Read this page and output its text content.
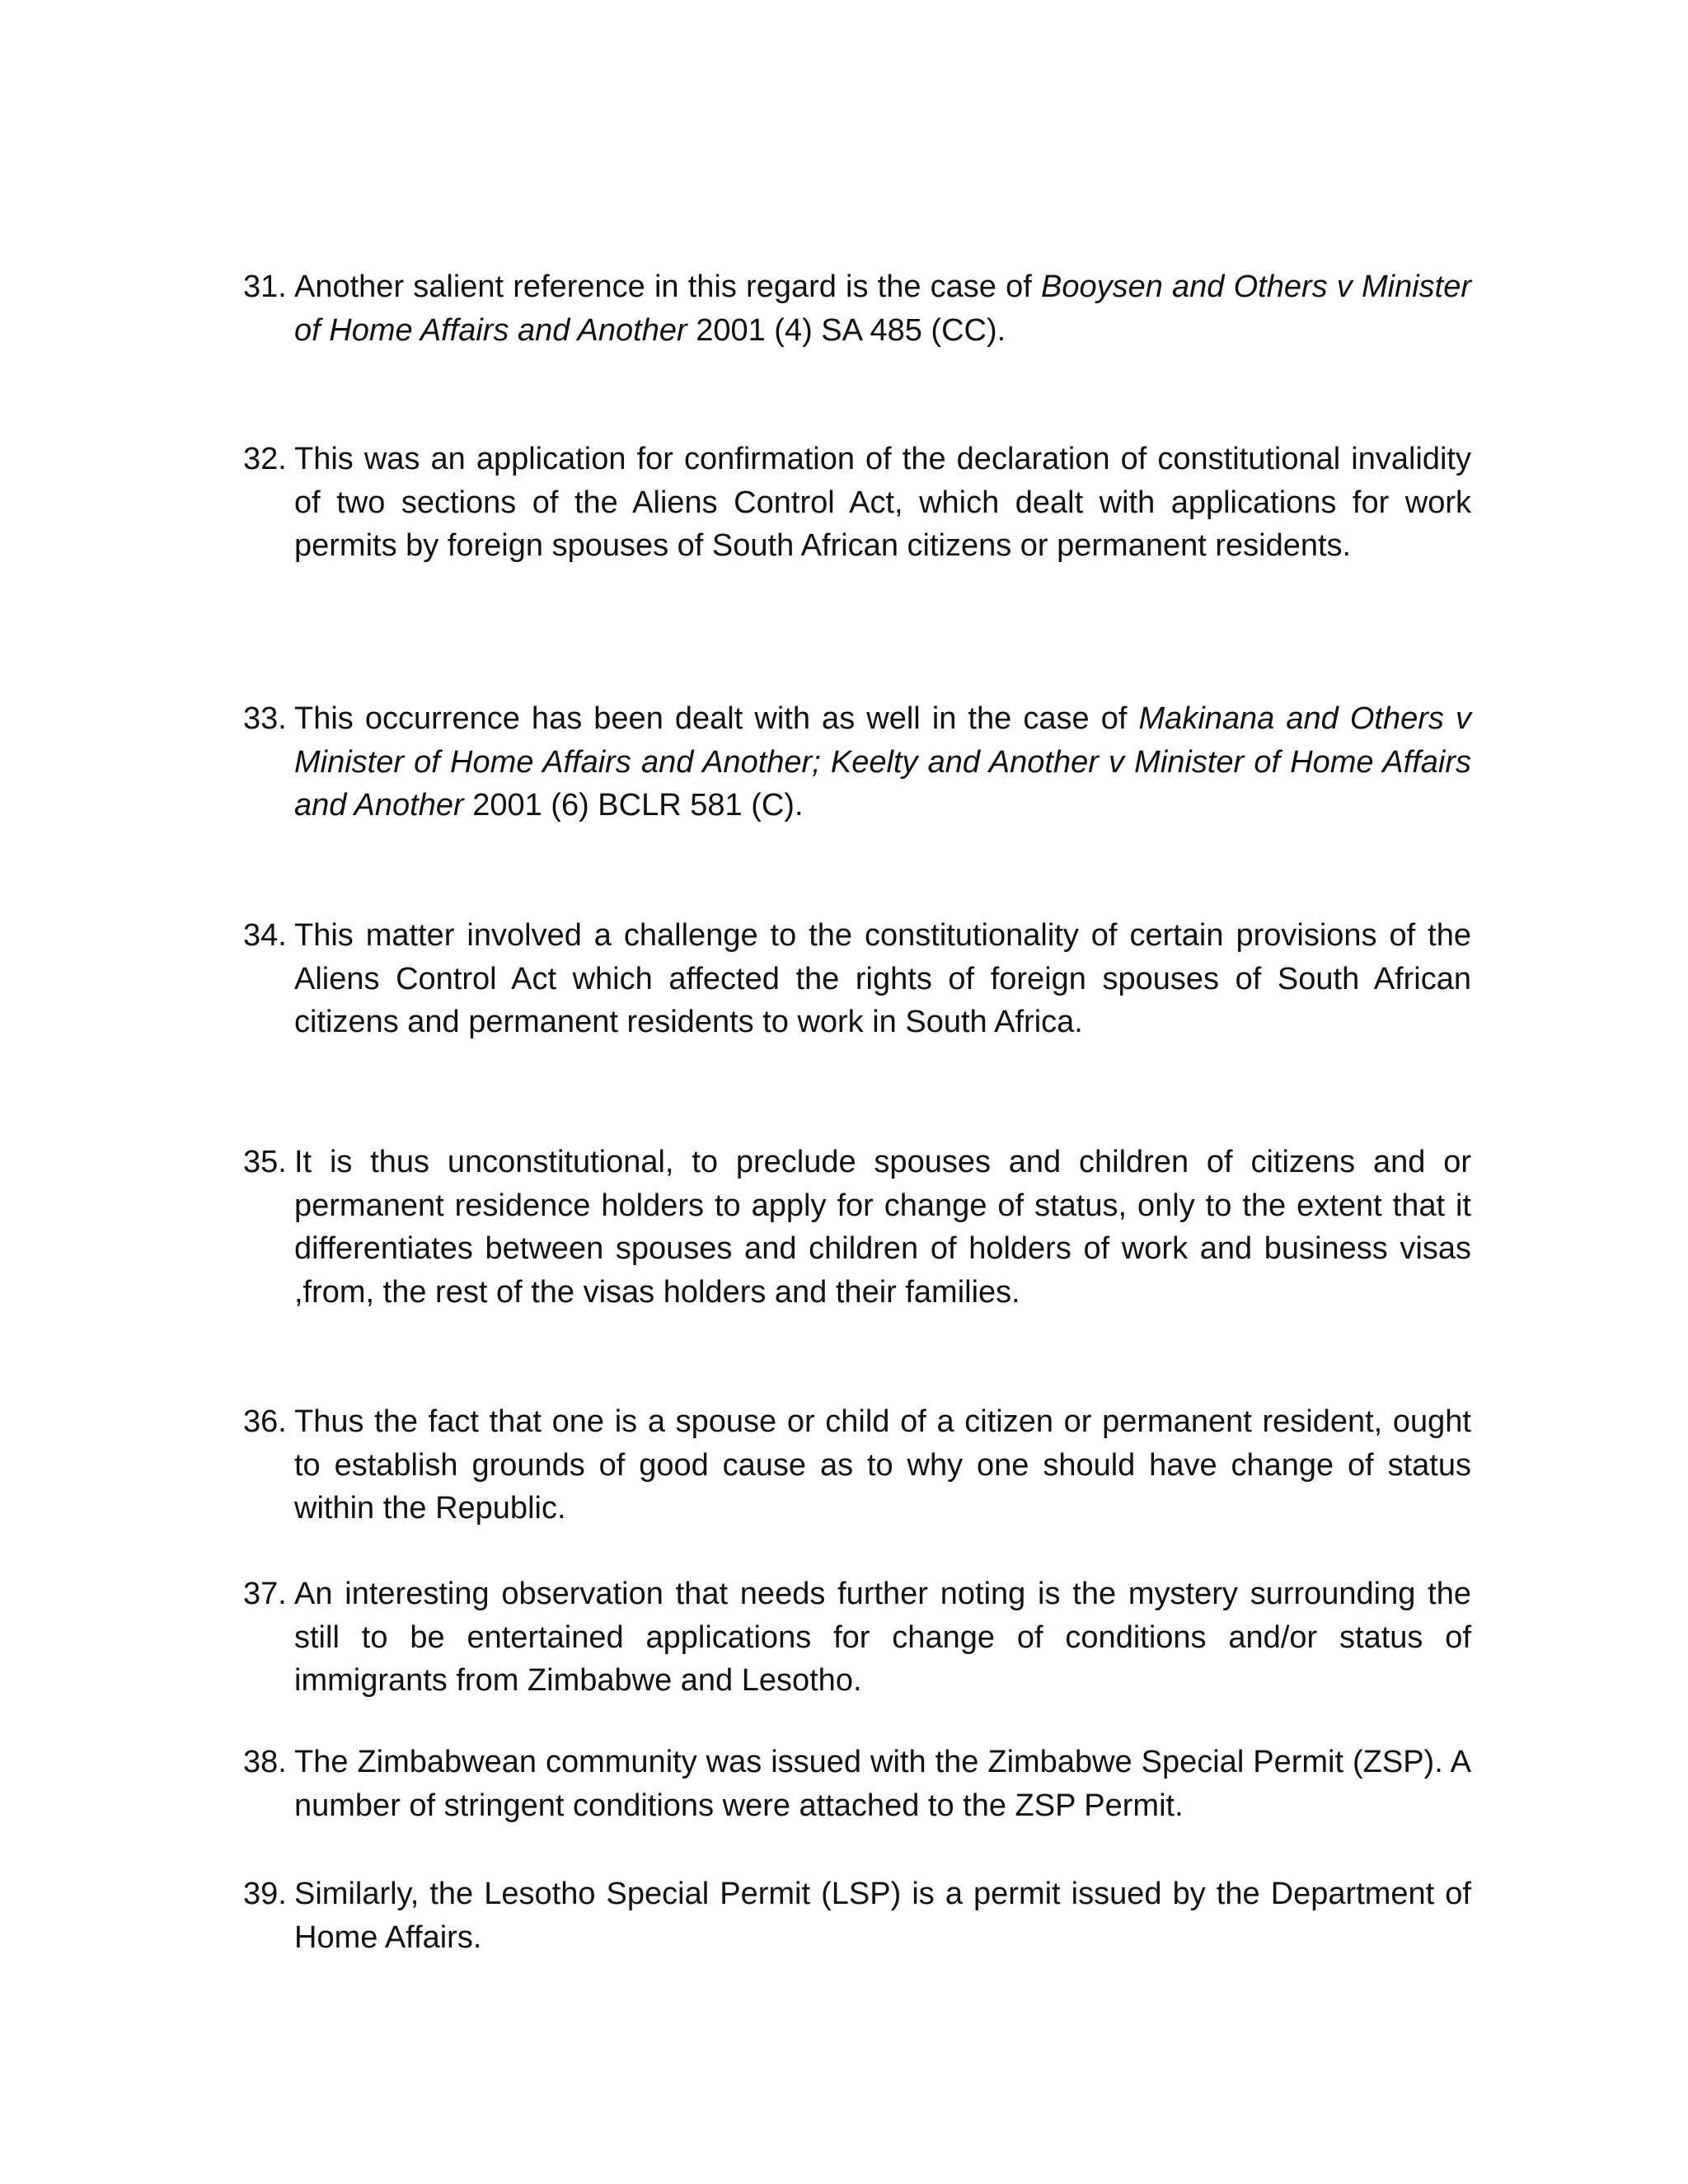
31. Another salient reference in this regard is the case of Booysen and Others v Minister of Home Affairs and Another 2001 (4) SA 485 (CC).
32. This was an application for confirmation of the declaration of constitutional invalidity of two sections of the Aliens Control Act, which dealt with applications for work permits by foreign spouses of South African citizens or permanent residents.
33. This occurrence has been dealt with as well in the case of Makinana and Others v Minister of Home Affairs and Another; Keelty and Another v Minister of Home Affairs and Another 2001 (6) BCLR 581 (C).
34. This matter involved a challenge to the constitutionality of certain provisions of the Aliens Control Act which affected the rights of foreign spouses of South African citizens and permanent residents to work in South Africa.
35. It is thus unconstitutional, to preclude spouses and children of citizens and or permanent residence holders to apply for change of status, only to the extent that it differentiates between spouses and children of holders of work and business visas ,from, the rest of the visas holders and their families.
36. Thus the fact that one is a spouse or child of a citizen or permanent resident, ought to establish grounds of good cause as to why one should have change of status within the Republic.
37. An interesting observation that needs further noting is the mystery surrounding the still to be entertained applications for change of conditions and/or status of immigrants from Zimbabwe and Lesotho.
38. The Zimbabwean community was issued with the Zimbabwe Special Permit (ZSP). A number of stringent conditions were attached to the ZSP Permit.
39. Similarly, the Lesotho Special Permit (LSP) is a permit issued by the Department of Home Affairs.
